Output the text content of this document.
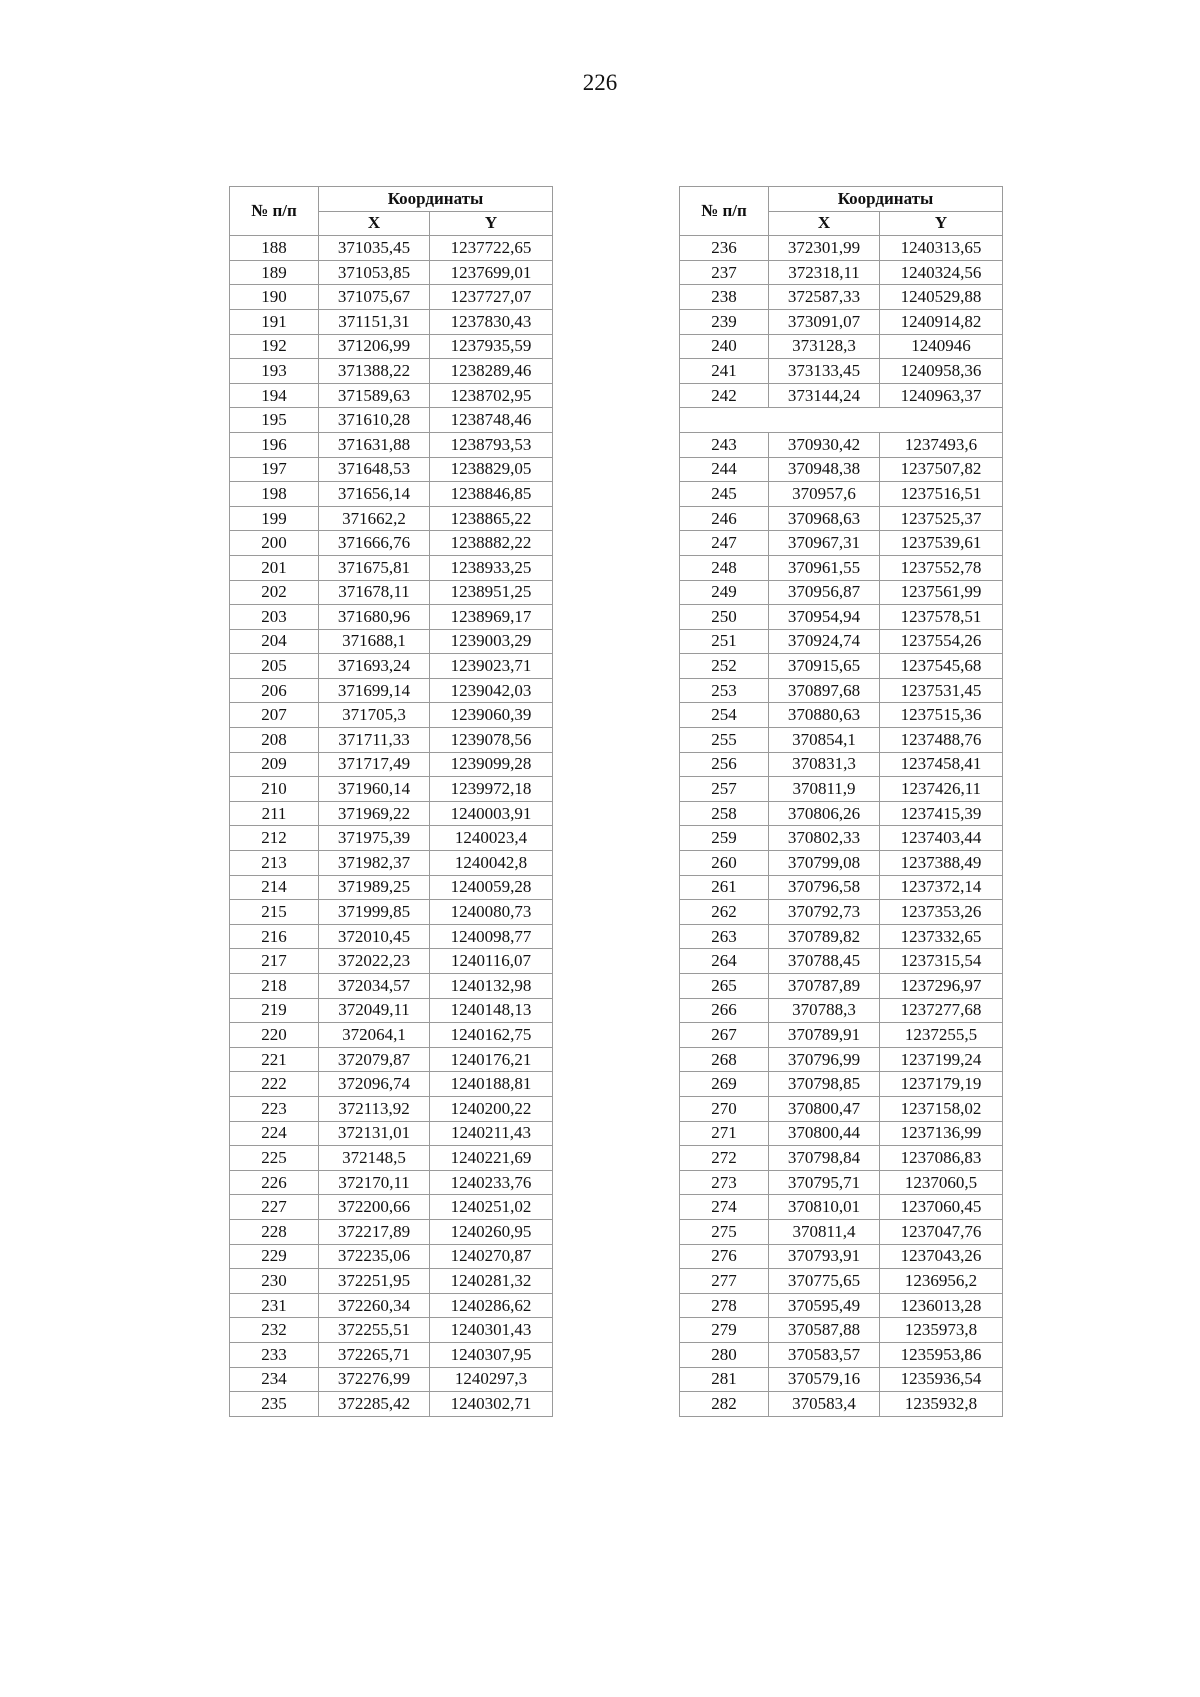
226
№ п/п	Координаты	
	X	Y
188	371035,45	1237722,65
189	371053,85	1237699,01
190	371075,67	1237727,07
191	371151,31	1237830,43
192	371206,99	1237935,59
193	371388,22	1238289,46
194	371589,63	1238702,95
195	371610,28	1238748,46
196	371631,88	1238793,53
197	371648,53	1238829,05
198	371656,14	1238846,85
199	371662,2	1238865,22
200	371666,76	1238882,22
201	371675,81	1238933,25
202	371678,11	1238951,25
203	371680,96	1238969,17
204	371688,1	1239003,29
205	371693,24	1239023,71
206	371699,14	1239042,03
207	371705,3	1239060,39
208	371711,33	1239078,56
209	371717,49	1239099,28
210	371960,14	1239972,18
211	371969,22	1240003,91
212	371975,39	1240023,4
213	371982,37	1240042,8
214	371989,25	1240059,28
215	371999,85	1240080,73
216	372010,45	1240098,77
217	372022,23	1240116,07
218	372034,57	1240132,98
219	372049,11	1240148,13
220	372064,1	1240162,75
221	372079,87	1240176,21
222	372096,74	1240188,81
223	372113,92	1240200,22
224	372131,01	1240211,43
225	372148,5	1240221,69
226	372170,11	1240233,76
227	372200,66	1240251,02
228	372217,89	1240260,95
229	372235,06	1240270,87
230	372251,95	1240281,32
231	372260,34	1240286,62
232	372255,51	1240301,43
233	372265,71	1240307,95
234	372276,99	1240297,3
235	372285,42	1240302,71
№ п/п	Координаты	
	X	Y
236	372301,99	1240313,65
237	372318,11	1240324,56
238	372587,33	1240529,88
239	373091,07	1240914,82
240	373128,3	1240946
241	373133,45	1240958,36
242	373144,24	1240963,37

243	370930,42	1237493,6
244	370948,38	1237507,82
245	370957,6	1237516,51
246	370968,63	1237525,37
247	370967,31	1237539,61
248	370961,55	1237552,78
249	370956,87	1237561,99
250	370954,94	1237578,51
251	370924,74	1237554,26
252	370915,65	1237545,68
253	370897,68	1237531,45
254	370880,63	1237515,36
255	370854,1	1237488,76
256	370831,3	1237458,41
257	370811,9	1237426,11
258	370806,26	1237415,39
259	370802,33	1237403,44
260	370799,08	1237388,49
261	370796,58	1237372,14
262	370792,73	1237353,26
263	370789,82	1237332,65
264	370788,45	1237315,54
265	370787,89	1237296,97
266	370788,3	1237277,68
267	370789,91	1237255,5
268	370796,99	1237199,24
269	370798,85	1237179,19
270	370800,47	1237158,02
271	370800,44	1237136,99
272	370798,84	1237086,83
273	370795,71	1237060,5
274	370810,01	1237060,45
275	370811,4	1237047,76
276	370793,91	1237043,26
277	370775,65	1236956,2
278	370595,49	1236013,28
279	370587,88	1235973,8
280	370583,57	1235953,86
281	370579,16	1235936,54
282	370583,4	1235932,8
